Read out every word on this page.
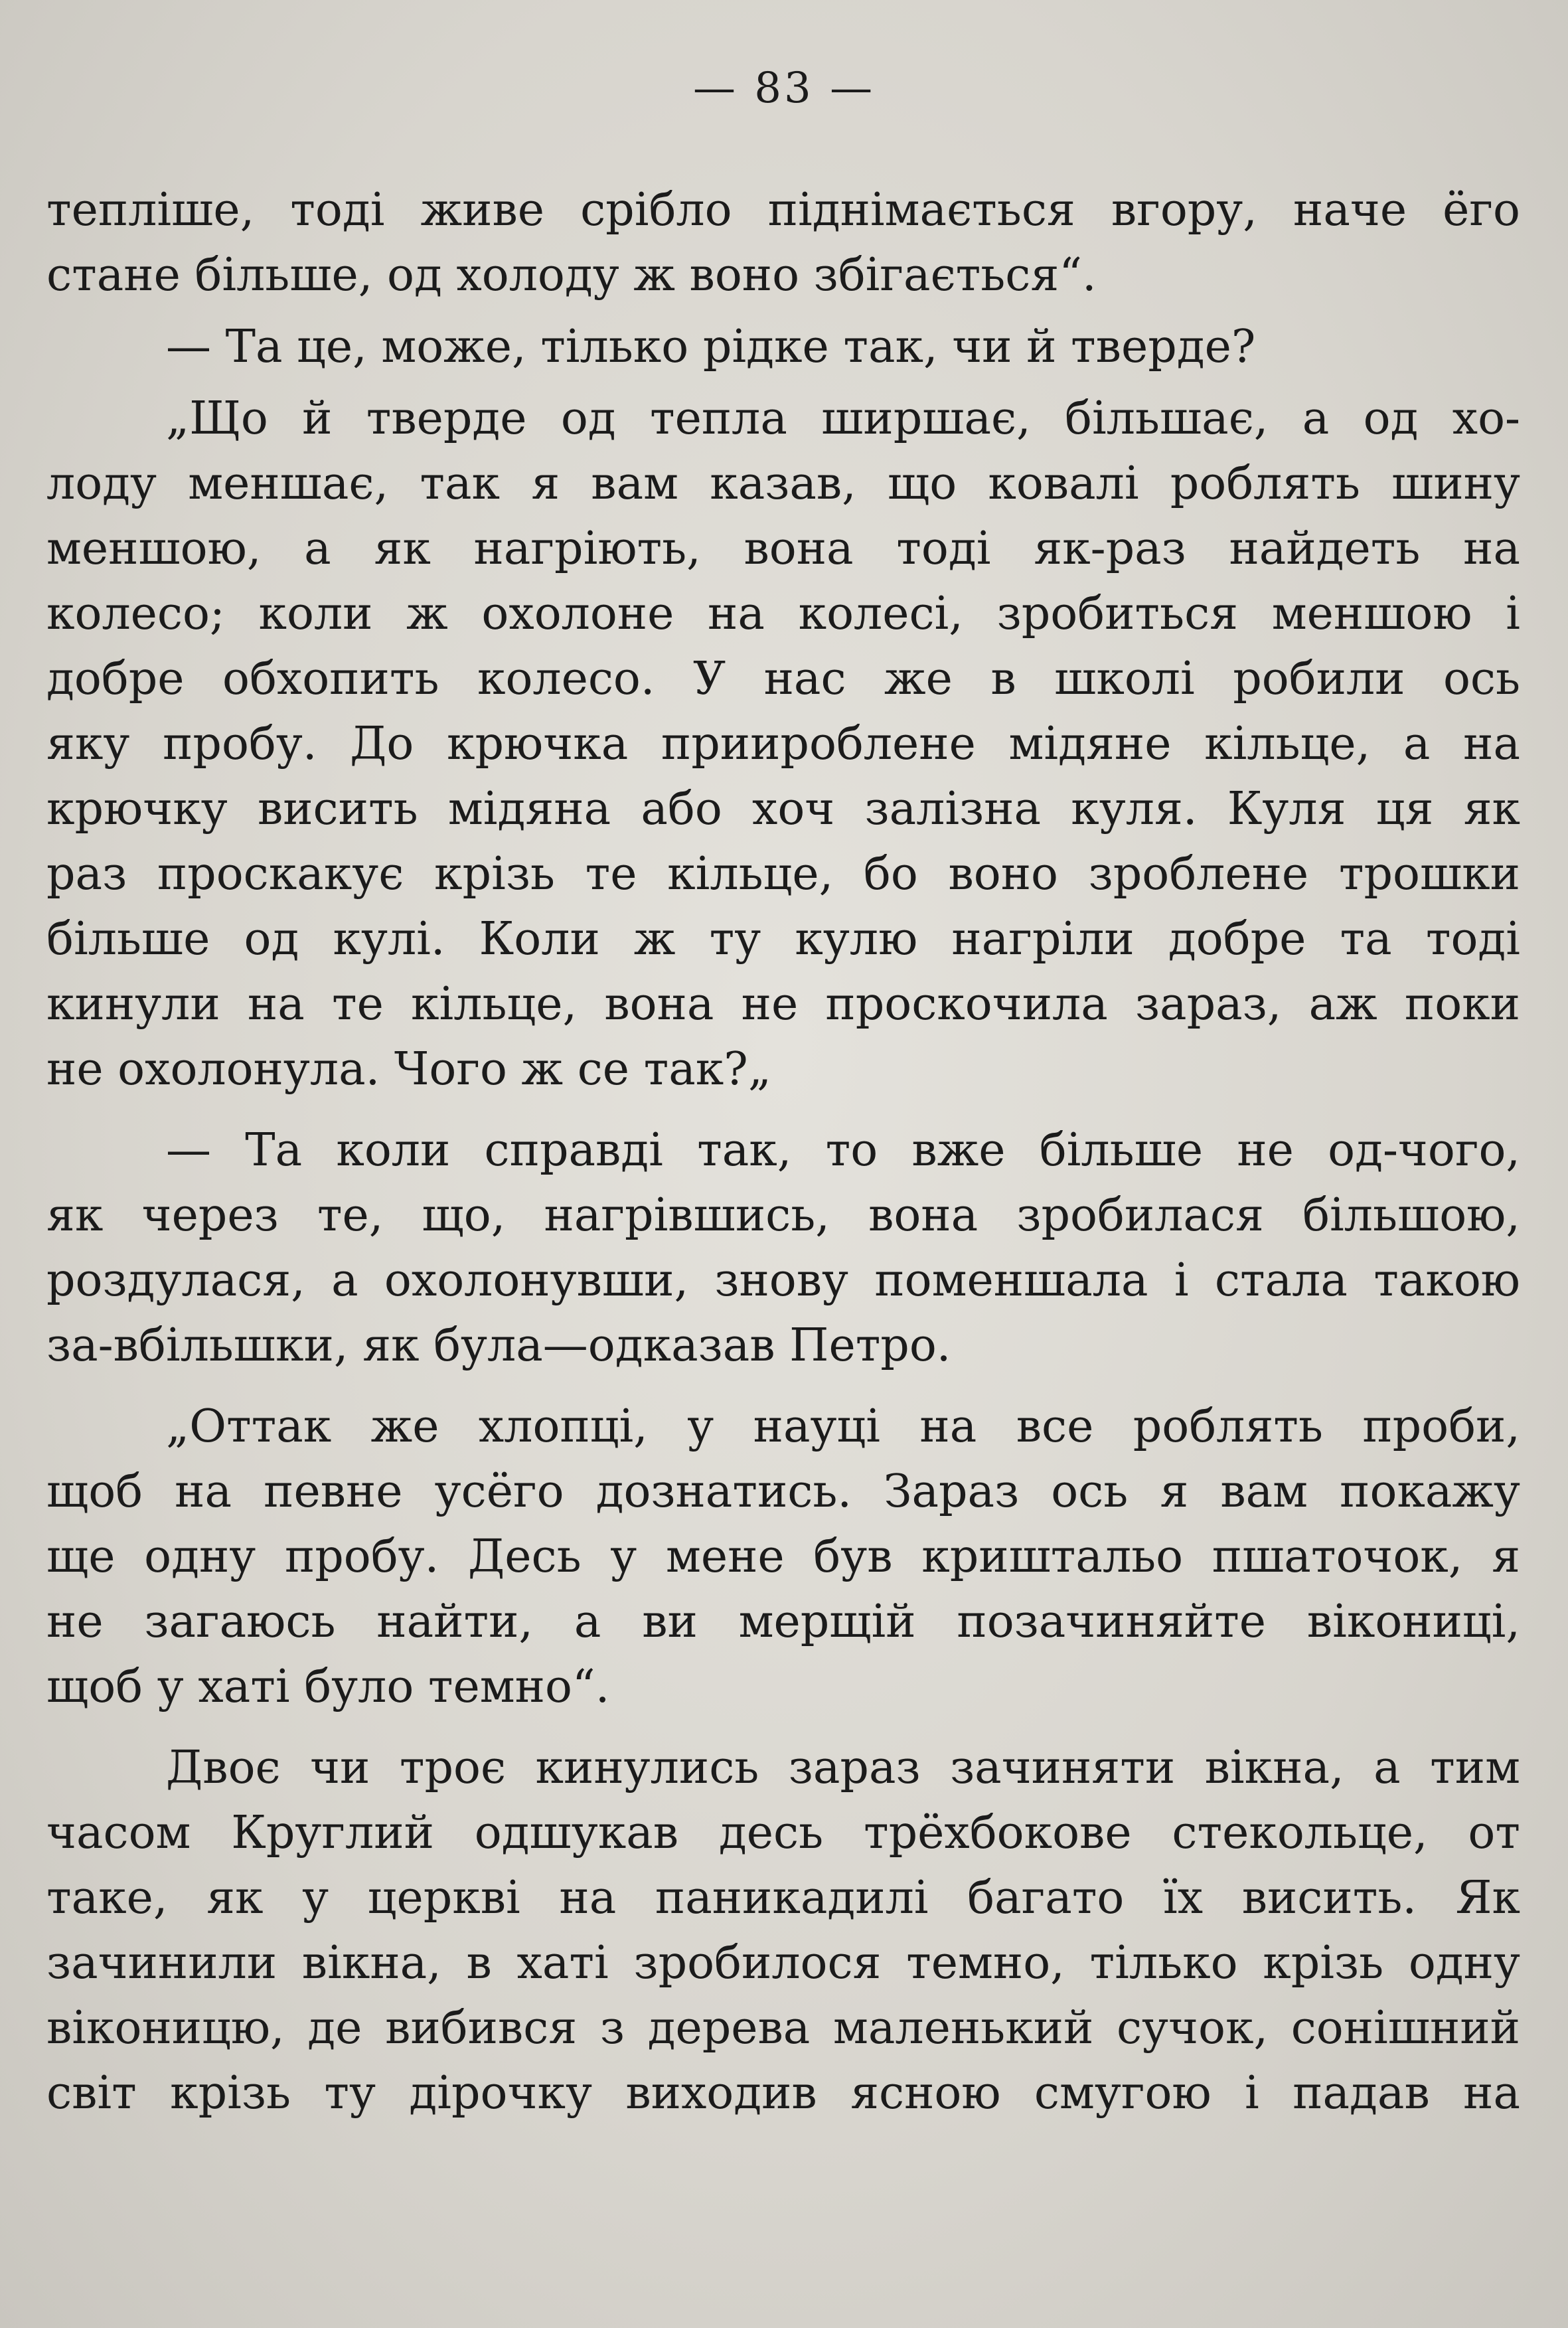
— 83 —
тепліше, тоді живе срібло піднімається вгору, наче ёго
стане більше, од холоду ж воно збігається“.
— Та це, може, тілько рідке так, чи й тверде?
„Що й тверде од тепла ширшає, більшає, а од хо-
лоду меншає, так я вам казав, що ковалі роблять шину
меншою, а як нагріють, вона тоді як-раз найдеть на
колесо; коли ж охолоне на колесі, зробиться меншою і
добре обхопить колесо. У нас же в школі робили ось
яку пробу. До крючка приироблене мідяне кільце, а на
крючку висить мідяна або хоч залізна куля. Куля ця як
раз проскакує крізь те кільце, бо воно зроблене трошки
більше од кулі. Коли ж ту кулю нагріли добре та тоді
кинули на те кільце, вона не проскочила зараз, аж поки
не охолонула. Чого ж се так?„
— Та коли справді так, то вже більше не од-чого,
як через те, що, нагрівшись, вона зробилася більшою,
роздулася, а охолонувши, знову поменшала і стала такою
за-вбільшки, як була—одказав Петро.
„Оттак же хлопці, у науці на все роблять проби,
щоб на певне усёго дознатись. Зараз ось я вам покажу
ще одну пробу. Десь у мене був криштальо пшаточок, я
не загаюсь найти, а ви мерщій позачиняйте вікониці,
щоб у хаті було темно“.
Двоє чи троє кинулись зараз зачиняти вікна, а тим
часом Круглий одшукав десь трёхбокове стекольце, от
таке, як у церкві на паникадилі багато їх висить. Як
зачинили вікна, в хаті зробилося темно, тілько крізь одну
віконицю, де вибився з дерева маленький сучок, сонішний
світ крізь ту дірочку виходив ясною смугою і падав на
